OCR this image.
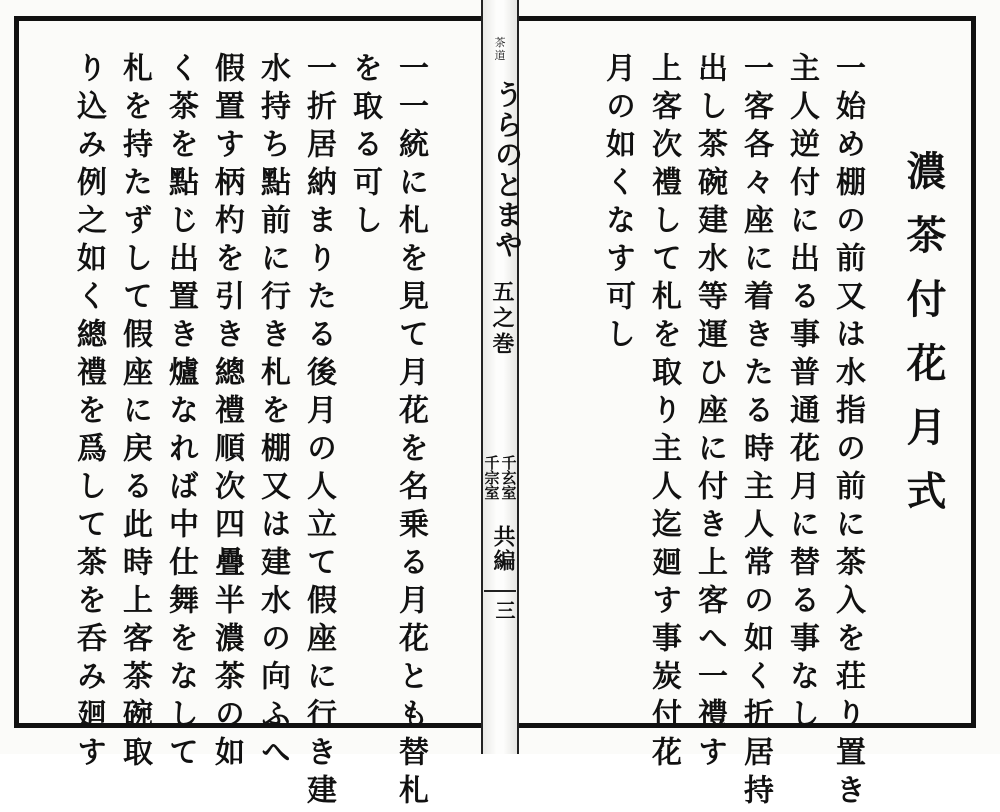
濃茶付花月式

一始め棚の前又は水指の前に茶入を荘り置き

主人逆付に出る事普通花月に替る事なし

一客各々座に着きたる時主人常の如く折居持

出し茶碗建水等運ひ座に付き上客へ一禮す

上客次禮して札を取り主人迄廻す事炭付花

月の如くなす可し

茶
道
うらのとまや
五之巻
千宗室 千玄室
共編
三

一一統に札を見て月花を名乗る月花とも替札

を取る可し

一折居納まりたる後月の人立て假座に行き建

水持ち點前に行き札を棚又は建水の向ふへ

假置す柄杓を引き總禮順次四疊半濃茶の如

く茶を點じ出置き爐なれば中仕舞をなして

札を持たずして假座に戻る此時上客茶碗取

り込み例之如く總禮を爲して茶を呑み廻す
